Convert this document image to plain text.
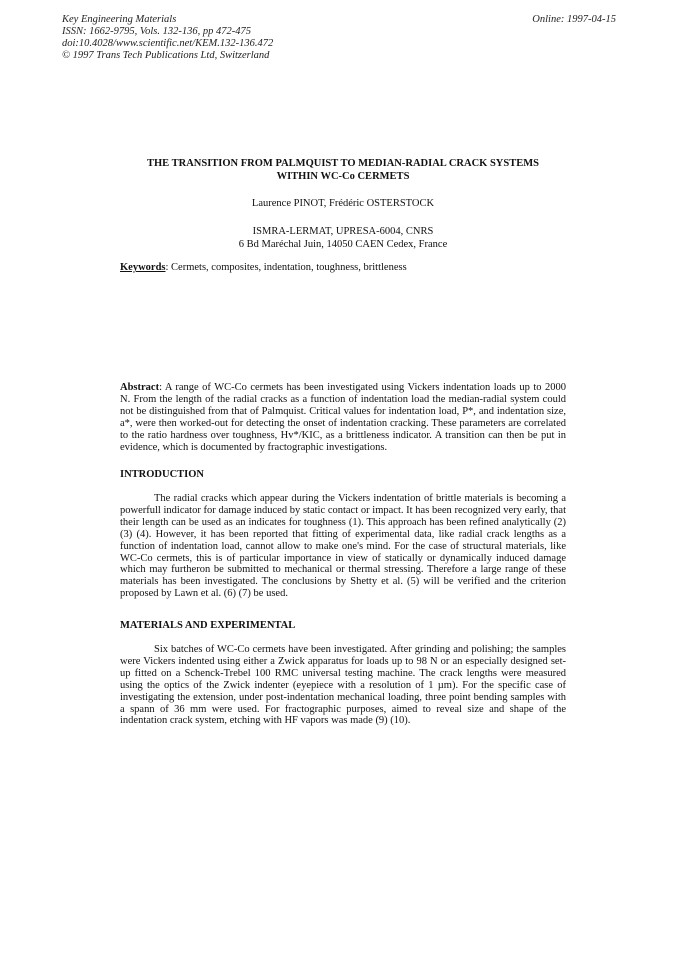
Key Engineering Materials
ISSN: 1662-9795, Vols. 132-136, pp 472-475
doi:10.4028/www.scientific.net/KEM.132-136.472
© 1997 Trans Tech Publications Ltd, Switzerland
Online: 1997-04-15
THE TRANSITION FROM PALMQUIST TO MEDIAN-RADIAL CRACK SYSTEMS
WITHIN WC-Co CERMETS
Laurence PINOT, Frédéric OSTERSTOCK
ISMRA-LERMAT, UPRESA-6004, CNRS
6 Bd Maréchal Juin, 14050 CAEN Cedex, France
Keywords: Cermets, composites, indentation, toughness, brittleness

Abstract: A range of WC-Co cermets has been investigated using Vickers indentation loads up to 2000 N. From the length of the radial cracks as a function of indentation load the median-radial system could not be distinguished from that of Palmquist. Critical values for indentation load, P*, and indentation size, a*, were then worked-out for detecting the onset of indentation cracking. These parameters are correlated to the ratio hardness over toughness, Hv*/KIC, as a brittleness indicator. A transition can then be put in evidence, which is documented by fractographic investigations.

INTRODUCTION

The radial cracks which appear during the Vickers indentation of brittle materials is becoming a powerfull indicator for damage induced by static contact or impact. It has been recognized very early, that their length can be used as an indicates for toughness (1). This approach has been refined analytically (2) (3) (4). However, it has been reported that fitting of experimental data, like radial crack lengths as a function of indentation load, cannot allow to make one's mind. For the case of structural materials, like WC-Co cermets, this is of particular importance in view of statically or dynamically induced damage which may furtheron be submitted to mechanical or thermal stressing. Therefore a large range of these materials has been investigated. The conclusions by Shetty et al. (5) will be verified and the criterion proposed by Lawn et al. (6) (7) be used.

MATERIALS AND EXPERIMENTAL

Six batches of WC-Co cermets have been investigated. After grinding and polishing; the samples were Vickers indented using either a Zwick apparatus for loads up to 98 N or an especially designed set-up fitted on a Schenck-Trebel 100 RMC universal testing machine. The crack lengths were measured using the optics of the Zwick indenter (eyepiece with a resolution of 1 µm). For the specific case of investigating the extension, under post-indentation mechanical loading, three point bending samples with a spann of 36 mm were used. For fractographic purposes, aimed to reveal size and shape of the indentation crack system, etching with HF vapors was made (9) (10).
